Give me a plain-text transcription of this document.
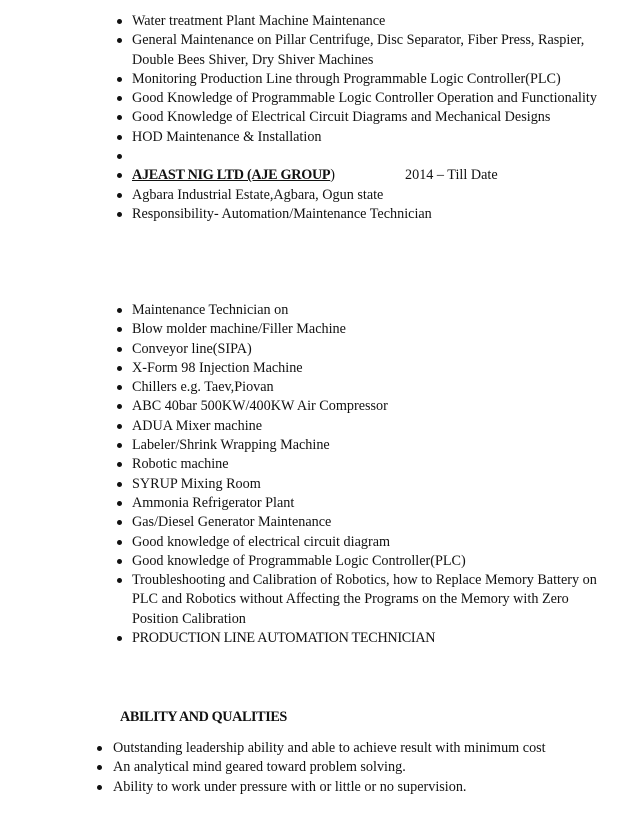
Water treatment Plant Machine Maintenance
General Maintenance on Pillar Centrifuge, Disc Separator, Fiber Press, Raspier, Double Bees Shiver, Dry Shiver Machines
Monitoring Production Line through Programmable Logic Controller(PLC)
Good Knowledge of Programmable Logic Controller Operation and Functionality
Good Knowledge of Electrical Circuit Diagrams and Mechanical Designs
HOD Maintenance & Installation

AJEAST NIG LTD (AJE GROUP)	2014 – Till Date
Agbara Industrial Estate,Agbara, Ogun state
Responsibility- Automation/Maintenance Technician
Maintenance Technician on
Blow molder machine/Filler Machine
Conveyor line(SIPA)
X-Form 98 Injection Machine
Chillers e.g. Taev,Piovan
ABC 40bar 500KW/400KW Air Compressor
ADUA Mixer machine
Labeler/Shrink Wrapping Machine
Robotic machine
SYRUP Mixing Room
Ammonia Refrigerator Plant
Gas/Diesel Generator Maintenance
Good knowledge of electrical circuit diagram
Good knowledge of Programmable Logic Controller(PLC)
Troubleshooting and Calibration of Robotics, how to Replace Memory Battery on PLC and Robotics without Affecting the Programs on the Memory with Zero Position Calibration
PRODUCTION LINE AUTOMATION TECHNICIAN
ABILITY AND QUALITIES
Outstanding leadership ability and able to achieve result with minimum cost
An analytical mind geared toward problem solving.
Ability to work under pressure with or little or no supervision.
